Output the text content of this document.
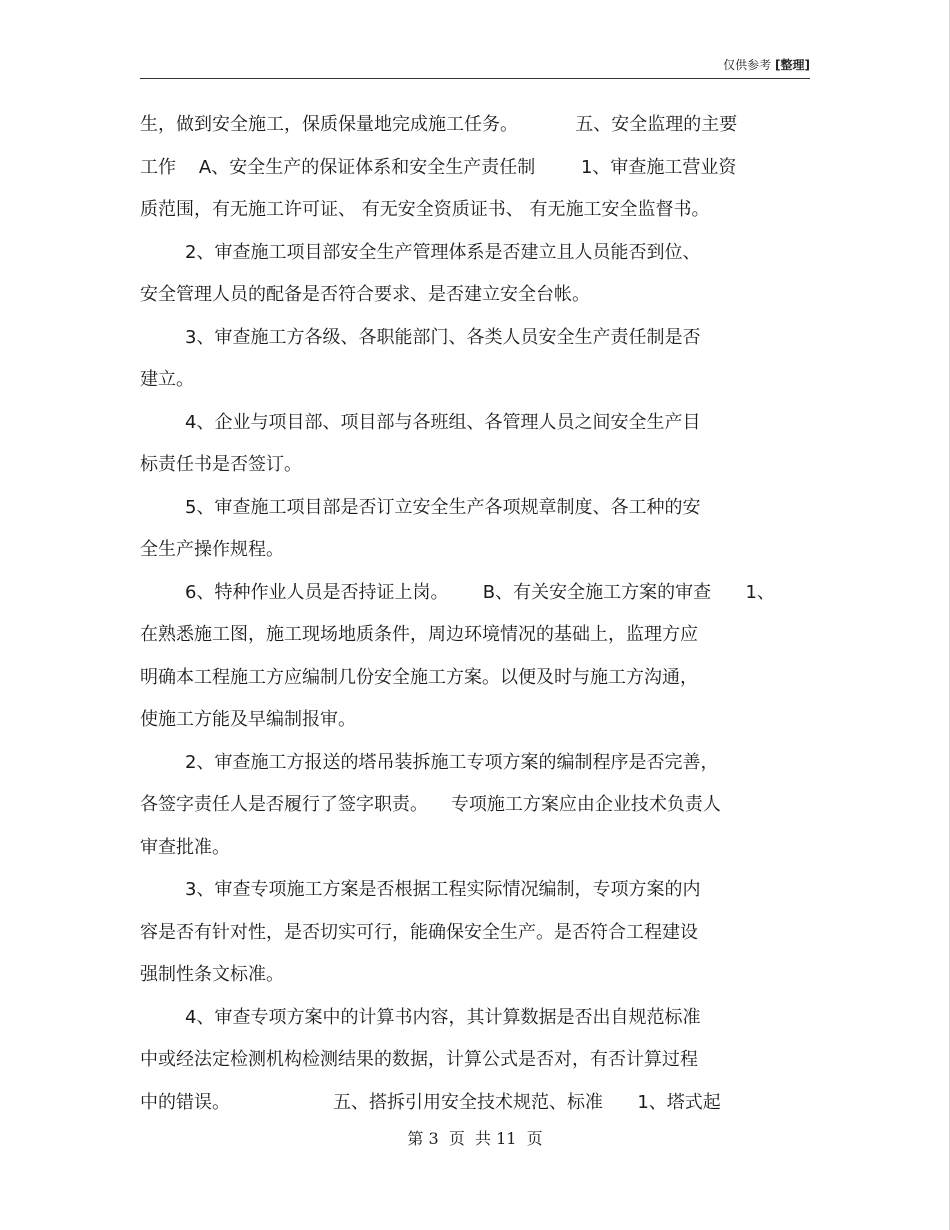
仅供参考 [整理]
生，做到安全施工，保质保量地完成施工任务。          五、安全监理的主要
工作    A、安全生产的保证体系和安全生产责任制        1、审查施工营业资
质范围，有无施工许可证、 有无安全资质证书、 有无施工安全监督书。
2、审查施工项目部安全生产管理体系是否建立且人员能否到位、
安全管理人员的配备是否符合要求、是否建立安全台帐。
3、审查施工方各级、各职能部门、各类人员安全生产责任制是否
建立。
4、企业与项目部、项目部与各班组、各管理人员之间安全生产目
标责任书是否签订。
5、审查施工项目部是否订立安全生产各项规章制度、各工种的安
全生产操作规程。
6、特种作业人员是否持证上岗。      B、有关安全施工方案的审查      1、
在熟悉施工图，施工现场地质条件，周边环境情况的基础上，监理方应
明确本工程施工方应编制几份安全施工方案。以便及时与施工方沟通，
使施工方能及早编制报审。
2、审查施工方报送的塔吊装拆施工专项方案的编制程序是否完善，
各签字责任人是否履行了签字职责。    专项施工方案应由企业技术负责人
审查批准。
3、审查专项施工方案是否根据工程实际情况编制，专项方案的内
容是否有针对性，是否切实可行，能确保安全生产。是否符合工程建设
强制性条文标准。
4、审查专项方案中的计算书内容，其计算数据是否出自规范标准
中或经法定检测机构检测结果的数据，计算公式是否对，有否计算过程
中的错误。                  五、搭拆引用安全技术规范、标准      1、塔式起
第 3  页  共 11  页
